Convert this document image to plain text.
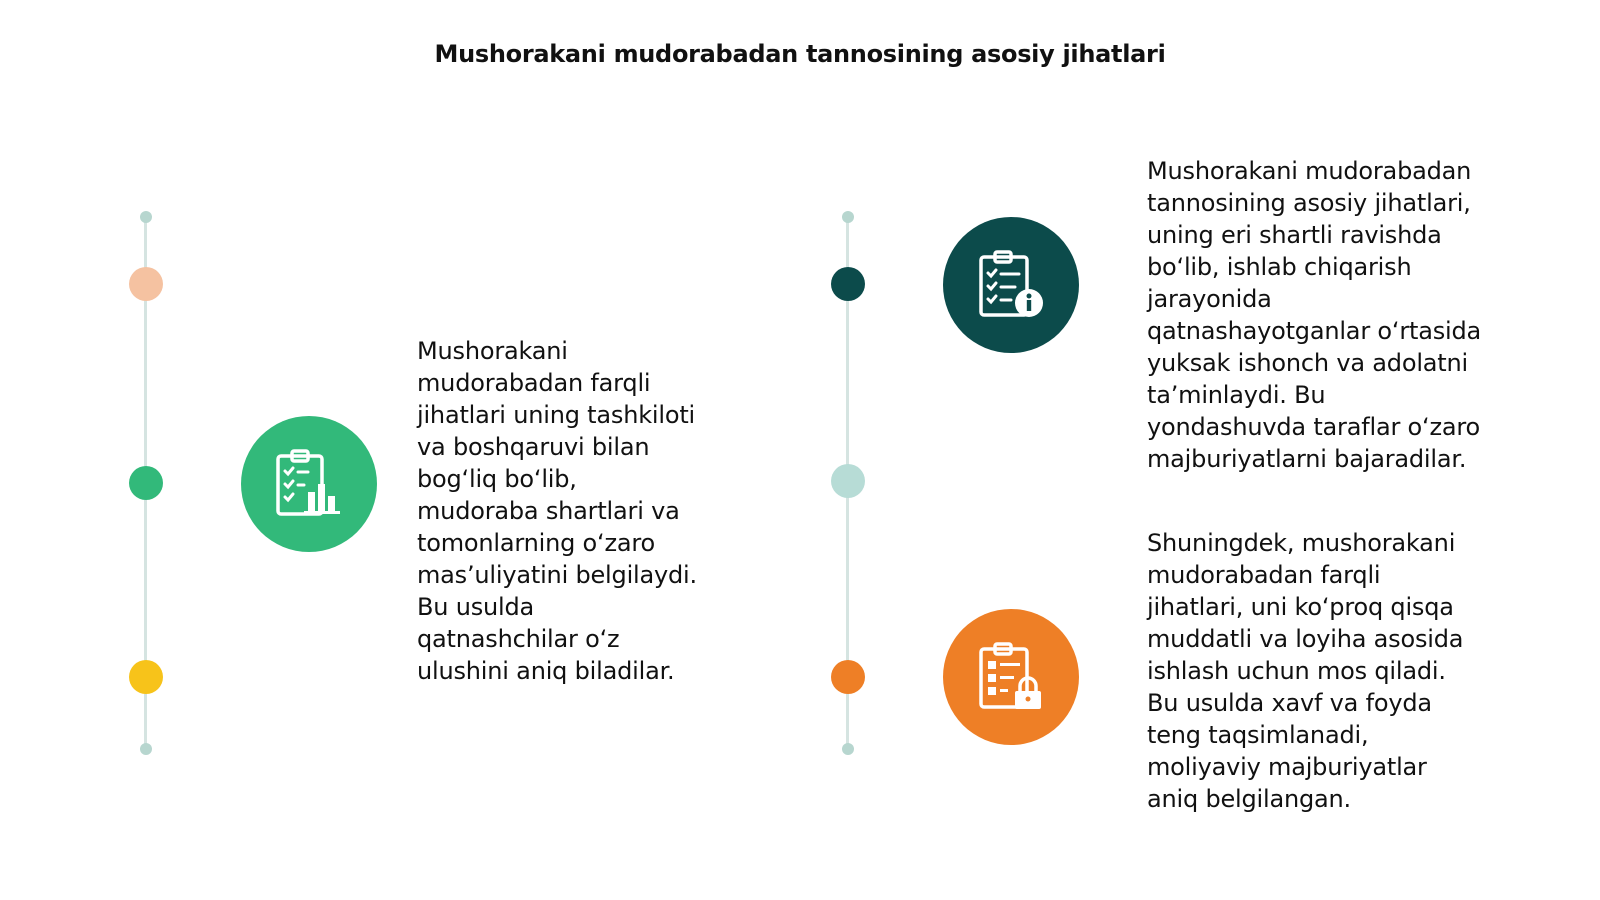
Mushorakani mudorabadan tannosining asosiy jihatlari
Mushorakani
mudorabadan farqli
jihatlari uning tashkiloti
va boshqaruvi bilan
bog‘liq bo‘lib,
mudoraba shartlari va
tomonlarning o‘zaro
mas’uliyatini belgilaydi.
Bu usulda
qatnashchilar o‘z
ulushini aniq biladilar.
Mushorakani mudorabadan
tannosining asosiy jihatlari,
uning eri shartli ravishda
bo‘lib, ishlab chiqarish
jarayonida
qatnashayotganlar o‘rtasida
yuksak ishonch va adolatni
ta’minlaydi. Bu
yondashuvda taraflar o‘zaro
majburiyatlarni bajaradilar.
Shuningdek, mushorakani
mudorabadan farqli
jihatlari, uni ko‘proq qisqa
muddatli va loyiha asosida
ishlash uchun mos qiladi.
Bu usulda xavf va foyda
teng taqsimlanadi,
moliyaviy majburiyatlar
aniq belgilangan.
